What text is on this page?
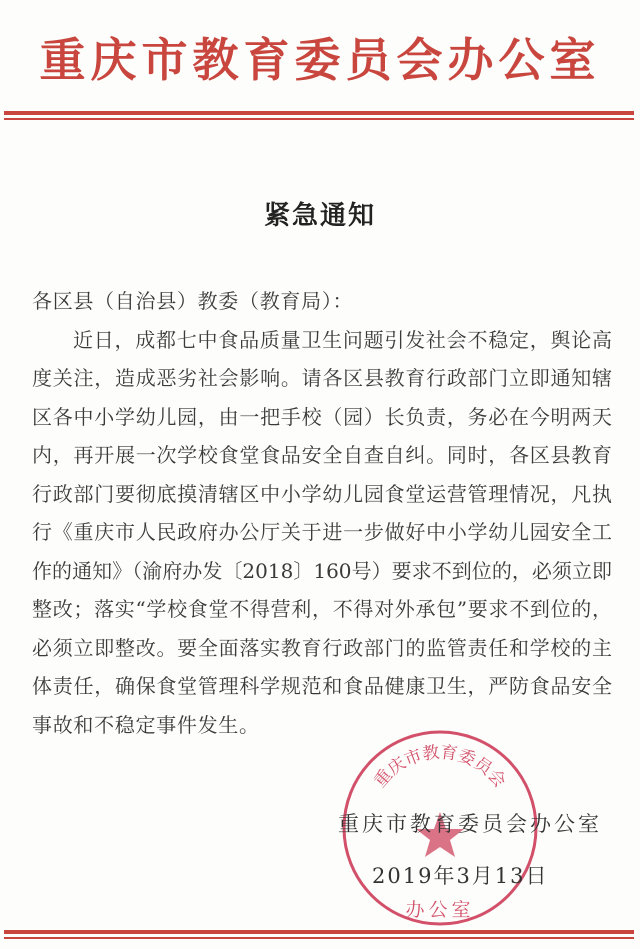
重庆市教育委员会办公室
紧急通知
各区县（自治县）教委（教育局）：
近日，成都七中食品质量卫生问题引发社会不稳定，舆论高
度关注，造成恶劣社会影响。请各区县教育行政部门立即通知辖
区各中小学幼儿园，由一把手校（园）长负责，务必在今明两天
内，再开展一次学校食堂食品安全自查自纠。同时，各区县教育
行政部门要彻底摸清辖区中小学幼儿园食堂运营管理情况，凡执
行《重庆市人民政府办公厅关于进一步做好中小学幼儿园安全工
作的通知》（渝府办发〔2018〕160号）要求不到位的，必须立即
整改；落实“学校食堂不得营利，不得对外承包”要求不到位的，
必须立即整改。要全面落实教育行政部门的监管责任和学校的主
体责任，确保食堂管理科学规范和食品健康卫生，严防食品安全
事故和不稳定事件发生。
重庆市教育委员会
办公室
重庆市教育委员会办公室
2019年3月13日
